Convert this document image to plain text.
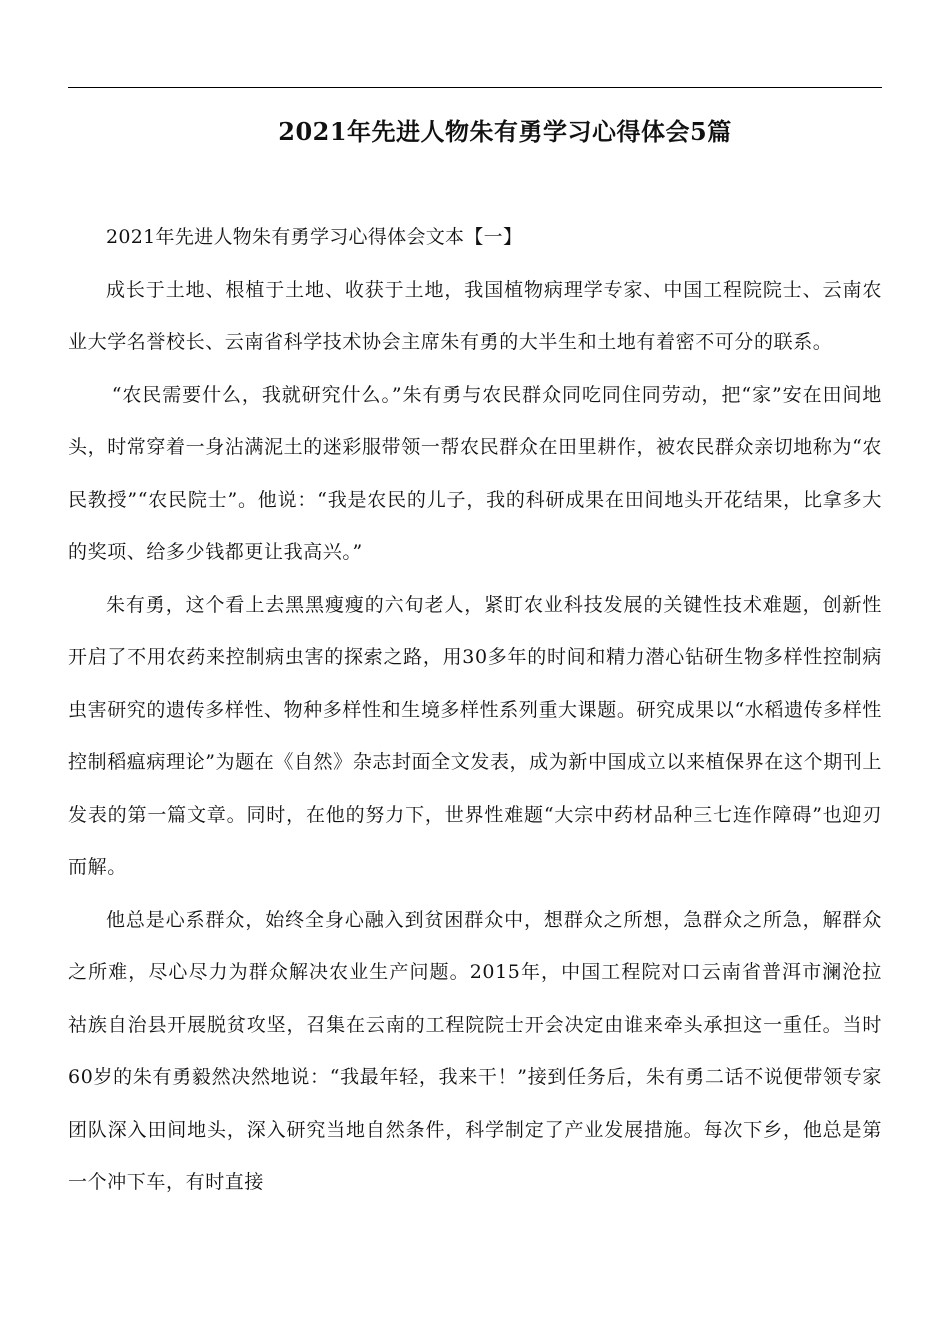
2021年先进人物朱有勇学习心得体会5篇

2021年先进人物朱有勇学习心得体会文本【一】

成长于土地、根植于土地、收获于土地，我国植物病理学专家、中国工程院院士、云南农业大学名誉校长、云南省科学技术协会主席朱有勇的大半生和土地有着密不可分的联系。

“农民需要什么，我就研究什么。”朱有勇与农民群众同吃同住同劳动，把“家”安在田间地头，时常穿着一身沾满泥土的迷彩服带领一帮农民群众在田里耕作，被农民群众亲切地称为“农民教授”“农民院士”。他说：“我是农民的儿子，我的科研成果在田间地头开花结果，比拿多大的奖项、给多少钱都更让我高兴。”

朱有勇，这个看上去黑黑瘦瘦的六旬老人，紧盯农业科技发展的关键性技术难题，创新性开启了不用农药来控制病虫害的探索之路，用30多年的时间和精力潜心钻研生物多样性控制病虫害研究的遗传多样性、物种多样性和生境多样性系列重大课题。研究成果以“水稻遗传多样性控制稻瘟病理论”为题在《自然》杂志封面全文发表，成为新中国成立以来植保界在这个期刊上发表的第一篇文章。同时，在他的努力下，世界性难题“大宗中药材品种三七连作障碍”也迎刃而解。

他总是心系群众，始终全身心融入到贫困群众中，想群众之所想，急群众之所急，解群众之所难，尽心尽力为群众解决农业生产问题。2015年，中国工程院对口云南省普洱市澜沧拉祜族自治县开展脱贫攻坚，召集在云南的工程院院士开会决定由谁来牵头承担这一重任。当时60岁的朱有勇毅然决然地说：“我最年轻，我来干！”接到任务后，朱有勇二话不说便带领专家团队深入田间地头，深入研究当地自然条件，科学制定了产业发展措施。每次下乡，他总是第一个冲下车，有时直接
